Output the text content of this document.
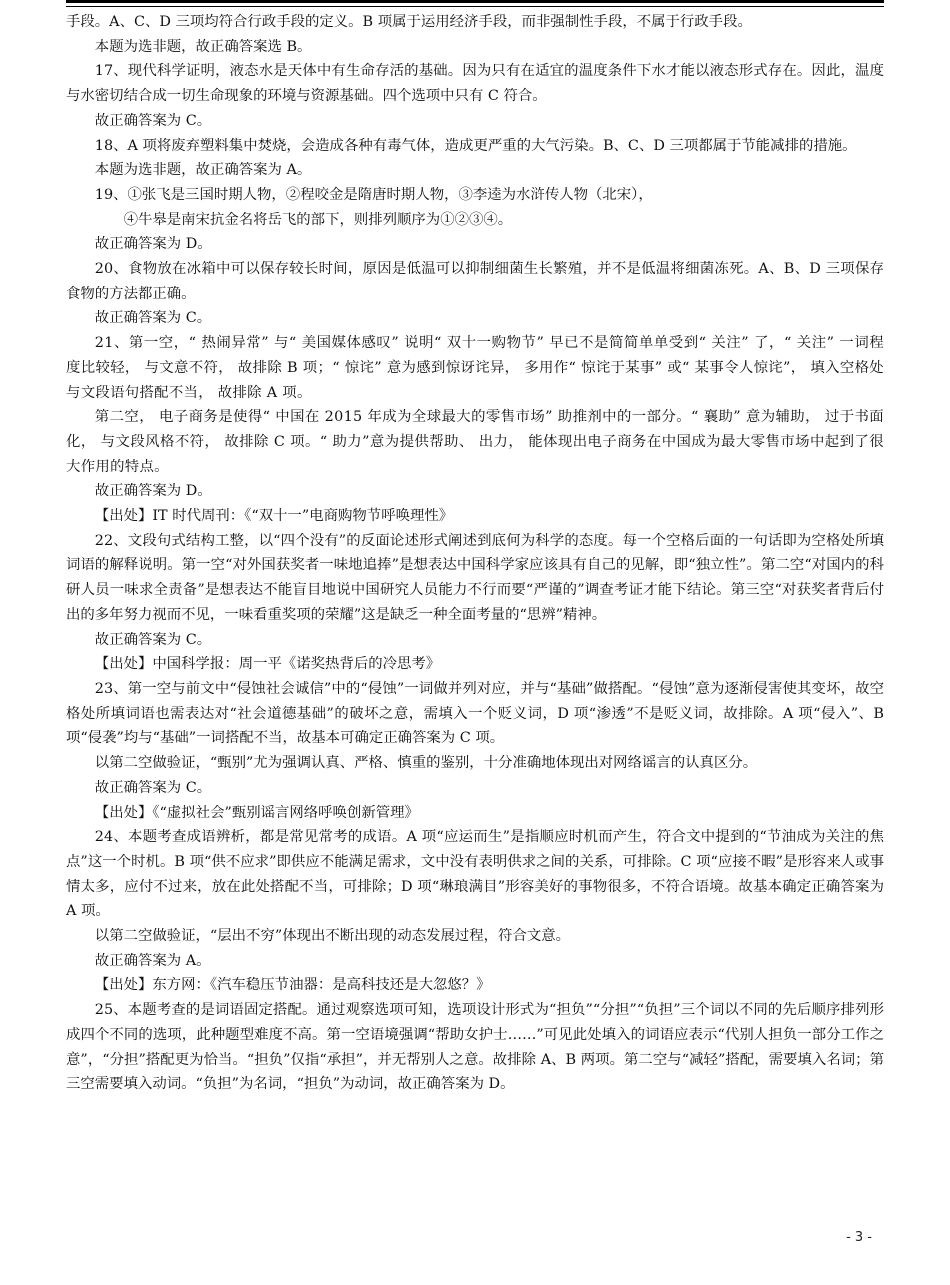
手段。A、C、D 三项均符合行政手段的定义。B 项属于运用经济手段，而非强制性手段，不属于行政手段。

本题为选非题，故正确答案选 B。

17、现代科学证明，液态水是天体中有生命存活的基础。因为只有在适宜的温度条件下水才能以液态形式存在。因此，温度与水密切结合成一切生命现象的环境与资源基础。四个选项中只有 C 符合。

故正确答案为 C。

18、A 项将废弃塑料集中焚烧，会造成各种有毒气体，造成更严重的大气污染。B、C、D 三项都属于节能减排的措施。

本题为选非题，故正确答案为 A。

19、①张飞是三国时期人物，②程咬金是隋唐时期人物，③李逵为水浒传人物（北宋），

④牛皋是南宋抗金名将岳飞的部下，则排列顺序为①②③④。

故正确答案为 D。

20、食物放在冰箱中可以保存较长时间，原因是低温可以抑制细菌生长繁殖，并不是低温将细菌冻死。A、B、D 三项保存食物的方法都正确。

故正确答案为 C。

21、第一空，“ 热闹异常” 与“ 美国媒体感叹” 说明“ 双十一购物节” 早已不是简简单单受到“ 关注” 了，“ 关注” 一词程度比较轻， 与文意不符， 故排除 B 项；“ 惊诧” 意为感到惊讶诧异， 多用作“ 惊诧于某事” 或“ 某事令人惊诧”， 填入空格处与文段语句搭配不当， 故排除 A 项。

第二空， 电子商务是使得“ 中国在 2015 年成为全球最大的零售市场” 助推剂中的一部分。“ 襄助” 意为辅助， 过于书面化， 与文段风格不符， 故排除 C 项。“ 助力”意为提供帮助、 出力， 能体现出电子商务在中国成为最大零售市场中起到了很大作用的特点。

故正确答案为 D。

【出处】IT 时代周刊：《“双十一”电商购物节呼唤理性》

22、文段句式结构工整，以“四个没有”的反面论述形式阐述到底何为科学的态度。每一个空格后面的一句话即为空格处所填词语的解释说明。第一空“对外国获奖者一味地追捧”是想表达中国科学家应该具有自己的见解，即“独立性”。第二空“对国内的科研人员一味求全责备”是想表达不能盲目地说中国研究人员能力不行而要“严谨的”调查考证才能下结论。第三空“对获奖者背后付出的多年努力视而不见，一味看重奖项的荣耀”这是缺乏一种全面考量的“思辨”精神。

故正确答案为 C。

【出处】中国科学报：周一平《诺奖热背后的冷思考》

23、第一空与前文中“侵蚀社会诚信”中的“侵蚀”一词做并列对应，并与“基础”做搭配。“侵蚀”意为逐渐侵害使其变坏，故空格处所填词语也需表达对“社会道德基础”的破坏之意，需填入一个贬义词，D 项“渗透”不是贬义词，故排除。A 项“侵入”、B 项“侵袭”均与“基础”一词搭配不当，故基本可确定正确答案为 C 项。

以第二空做验证，“甄别”尤为强调认真、严格、慎重的鉴别，十分准确地体现出对网络谣言的认真区分。

故正确答案为 C。

【出处】《“虚拟社会”甄别谣言网络呼唤创新管理》

24、本题考查成语辨析，都是常见常考的成语。A 项“应运而生”是指顺应时机而产生，符合文中提到的“节油成为关注的焦点”这一个时机。B 项“供不应求”即供应不能满足需求，文中没有表明供求之间的关系，可排除。C 项“应接不暇”是形容来人或事情太多，应付不过来，放在此处搭配不当，可排除；D 项“琳琅满目”形容美好的事物很多，不符合语境。故基本确定正确答案为 A 项。

以第二空做验证，“层出不穷”体现出不断出现的动态发展过程，符合文意。

故正确答案为 A。

【出处】东方网：《汽车稳压节油器：是高科技还是大忽悠？》

25、本题考查的是词语固定搭配。通过观察选项可知，选项设计形式为“担负”“分担”“负担”三个词以不同的先后顺序排列形成四个不同的选项，此种题型难度不高。第一空语境强调“帮助女护士……”可见此处填入的词语应表示“代别人担负一部分工作之意”，“分担”搭配更为恰当。“担负”仅指“承担”，并无帮别人之意。故排除 A、B 两项。第二空与“减轻”搭配，需要填入名词；第三空需要填入动词。“负担”为名词，“担负”为动词，故正确答案为 D。

- 3 -
